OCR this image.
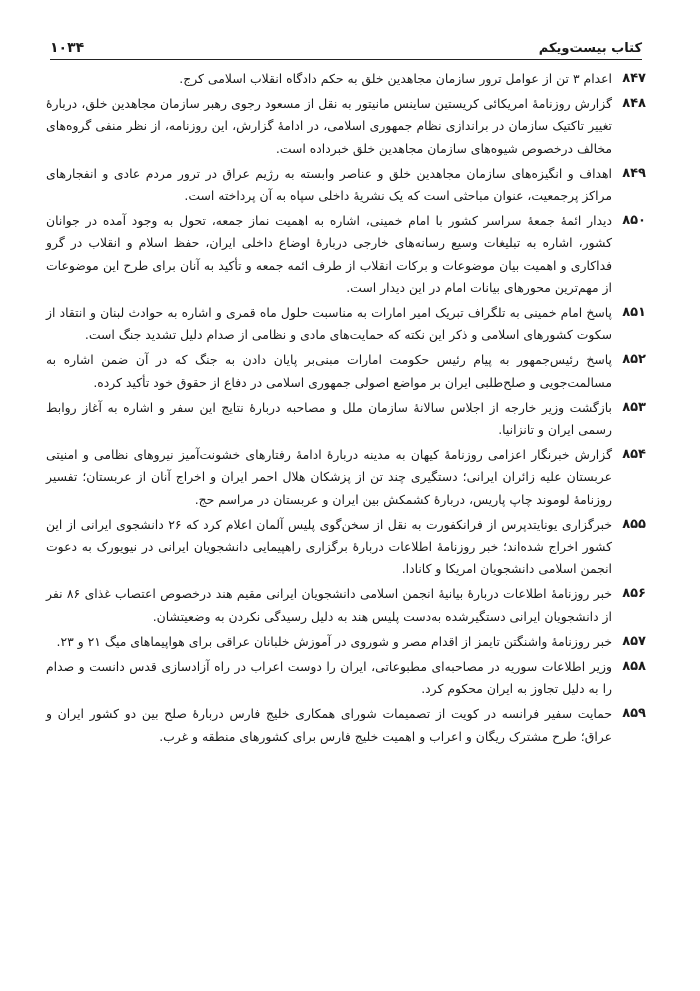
کتاب بیست‌ویکم
۱۰۳۴
۸۴۷
اعدام ۳ تن از عوامل ترور سازمان مجاهدین خلق به حکم دادگاه انقلاب اسلامی کرج.
۸۴۸
گزارش روزنامهٔ امریکائی کریستین ساینس مانیتور به نقل از مسعود رجوی رهبر سازمان مجاهدین خلق، دربارهٔ تغییر تاکتیک سازمان در براندازی نظام جمهوری اسلامی، در ادامهٔ گزارش، این روزنامه، از نظر منفی گروه‌های مخالف درخصوص شیوه‌های سازمان مجاهدین خلق خبرداده است.
۸۴۹
اهداف و انگیزه‌های سازمان مجاهدین خلق و عناصر وابسته به رژیم عراق در ترور مردم عادی و انفجارهای مراکز پرجمعیت، عنوان مباحثی است که یک نشریهٔ داخلی سپاه به آن پرداخته است.
۸۵۰
دیدار ائمهٔ جمعهٔ سراسر کشور با امام خمینی، اشاره به اهمیت نماز جمعه، تحول به وجود آمده در جوانان کشور، اشاره به تبلیغات وسیع رسانه‌های خارجی دربارهٔ اوضاع داخلی ایران، حفظ اسلام و انقلاب در گرو فداکاری و اهمیت بیان موضوعات و برکات انقلاب از طرف ائمه جمعه و تأکید به آنان برای طرح این موضوعات از مهم‌ترین محورهای بیانات امام در این دیدار است.
۸۵۱
پاسخ امام خمینی به تلگراف تبریک امیر امارات به مناسبت حلول ماه قمری و اشاره به حوادث لبنان و انتقاد از سکوت کشورهای اسلامی و ذکر این نکته که حمایت‌های مادی و نظامی از صدام دلیل تشدید جنگ است.
۸۵۲
پاسخ رئیس‌جمهور به پیام رئیس حکومت امارات مبنی‌بر پایان دادن به جنگ که در آن ضمن اشاره به مسالمت‌جویی و صلح‌طلبی ایران بر مواضع اصولی جمهوری اسلامی در دفاع از حقوق خود تأکید کرده.
۸۵۳
بازگشت وزیر خارجه از اجلاس سالانهٔ سازمان ملل و مصاحبه دربارهٔ نتایج این سفر و اشاره به آغاز روابط رسمی ایران و تانزانیا.
۸۵۴
گزارش خبرنگار اعزامی روزنامهٔ کیهان به مدینه دربارهٔ ادامهٔ رفتارهای خشونت‌آمیز نیروهای نظامی و امنیتی عربستان علیه زائران ایرانی؛ دستگیری چند تن از پزشکان هلال احمر ایران و اخراج آنان از عربستان؛ تفسیر روزنامهٔ لوموند چاپ پاریس، دربارهٔ کشمکش بین ایران و عربستان در مراسم حج.
۸۵۵
خبرگزاری یونایتدپرس از فرانکفورت به نقل از سخن‌گوی پلیس آلمان اعلام کرد که ۲۶ دانشجوی ایرانی از این کشور اخراج شده‌اند؛ خبر روزنامهٔ اطلاعات دربارهٔ برگزاری راهپیمایی دانشجویان ایرانی در نیویورک به دعوت انجمن اسلامی دانشجویان امریکا و کانادا.
۸۵۶
خبر روزنامهٔ اطلاعات دربارهٔ بیانیهٔ انجمن اسلامی دانشجویان ایرانی مقیم هند درخصوص اعتصاب غذای ۸۶ نفر از دانشجویان ایرانی دستگیرشده به‌دست پلیس هند به دلیل رسیدگی نکردن به وضعیتشان.
۸۵۷
خبر روزنامهٔ واشنگتن تایمز از اقدام مصر و شوروی در آموزش خلبانان عراقی برای هواپیماهای میگ ۲۱ و ۲۳.
۸۵۸
وزیر اطلاعات سوریه در مصاحبه‌ای مطبوعاتی، ایران را دوست اعراب در راه آزادسازی قدس دانست و صدام را به دلیل تجاوز به ایران محکوم کرد.
۸۵۹
حمایت سفیر فرانسه در کویت از تصمیمات شورای همکاری خلیج فارس دربارهٔ صلح بین دو کشور ایران و عراق؛ طرح مشترک ریگان و اعراب و اهمیت خلیج فارس برای کشورهای منطقه و غرب.
